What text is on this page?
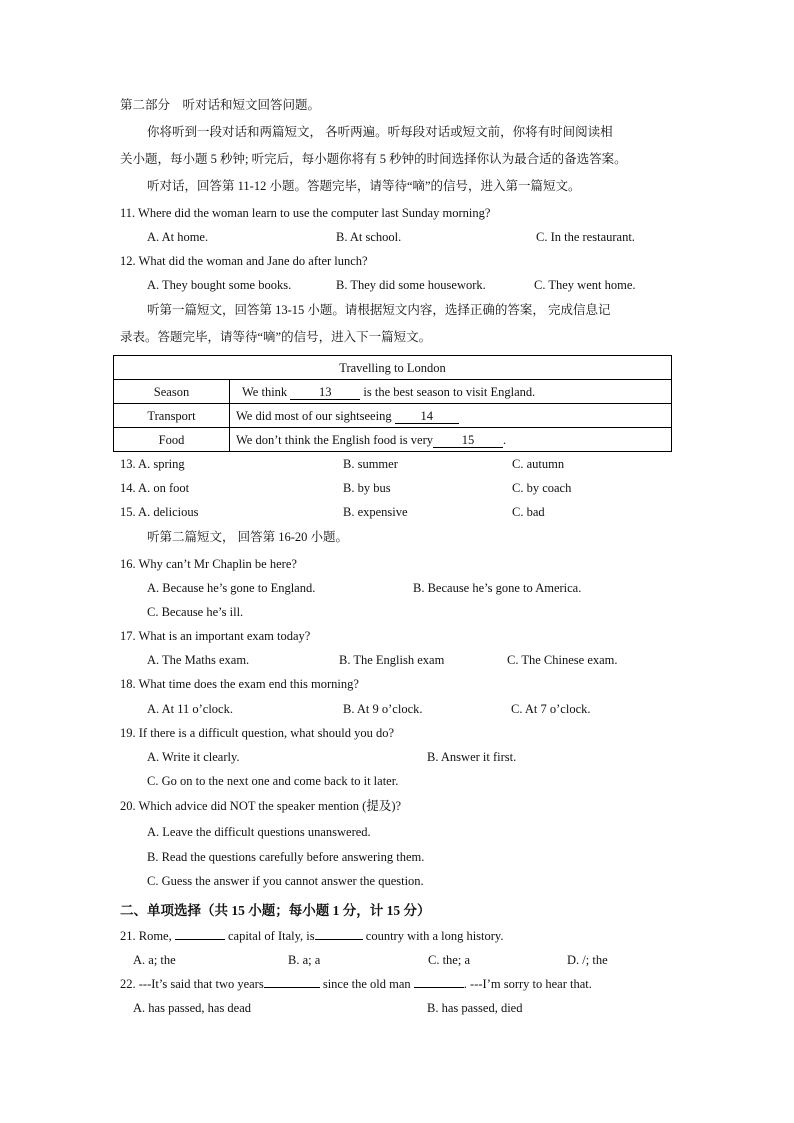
第二部分　听对话和短文回答问题。
你将听到一段对话和两篇短文， 各听两遍。听每段对话或短文前，你将有时间阅读相
关小题，每小题 5 秒钟; 听完后，每小题你将有 5 秒钟的时间选择你认为最合适的备选答案。
听对话，回答第 11-12 小题。答题完毕，请等待“嘀”的信号，进入第一篇短文。
11. Where did the woman learn to use the computer last Sunday morning?
A. At home.	B. At school.	C. In the restaurant.
12. What did the woman and Jane do after lunch?
A. They bought some books.	B. They did some housework.	C. They went home.
听第一篇短文，回答第 13-15 小题。请根据短文内容，选择正确的答案， 完成信息记
录表。答题完毕，请等待“嘀”的信号，进入下一篇短文。
Travelling to London	
Season	We think 13 is the best season to visit England.
Transport	We did most of our sightseeing 14
Food	We don’t think the English food is very 15 .
13. A. spring	B. summer	C. autumn
14. A. on foot	B. by bus	C. by coach
15. A. delicious	B. expensive	C. bad
听第二篇短文， 回答第 16-20 小题。
16. Why can’t Mr Chaplin be here?
A. Because he’s gone to England.	B. Because he’s gone to America.
C. Because he’s ill.
17. What is an important exam today?
A. The Maths exam.	B. The English exam	C. The Chinese exam.
18. What time does the exam end this morning?
A. At 11 o’clock.	B. At 9 o’clock.	C. At 7 o’clock.
19. If there is a difficult question, what should you do?
A. Write it clearly.	B. Answer it first.
C. Go on to the next one and come back to it later.
20. Which advice did NOT the speaker mention (提及)?
A. Leave the difficult questions unanswered.
B. Read the questions carefully before answering them.
C. Guess the answer if you cannot answer the question.
二、单项选择（共 15 小题；每小题 1 分，计 15 分）
21. Rome,	capital of Italy, is	country with a long history.
A. a; the	B. a; a	C. the; a	D. /; the
22. ---It’s said that two years	since the old man	. ---I’m sorry to hear that.
A. has passed, has dead	B. has passed, died
